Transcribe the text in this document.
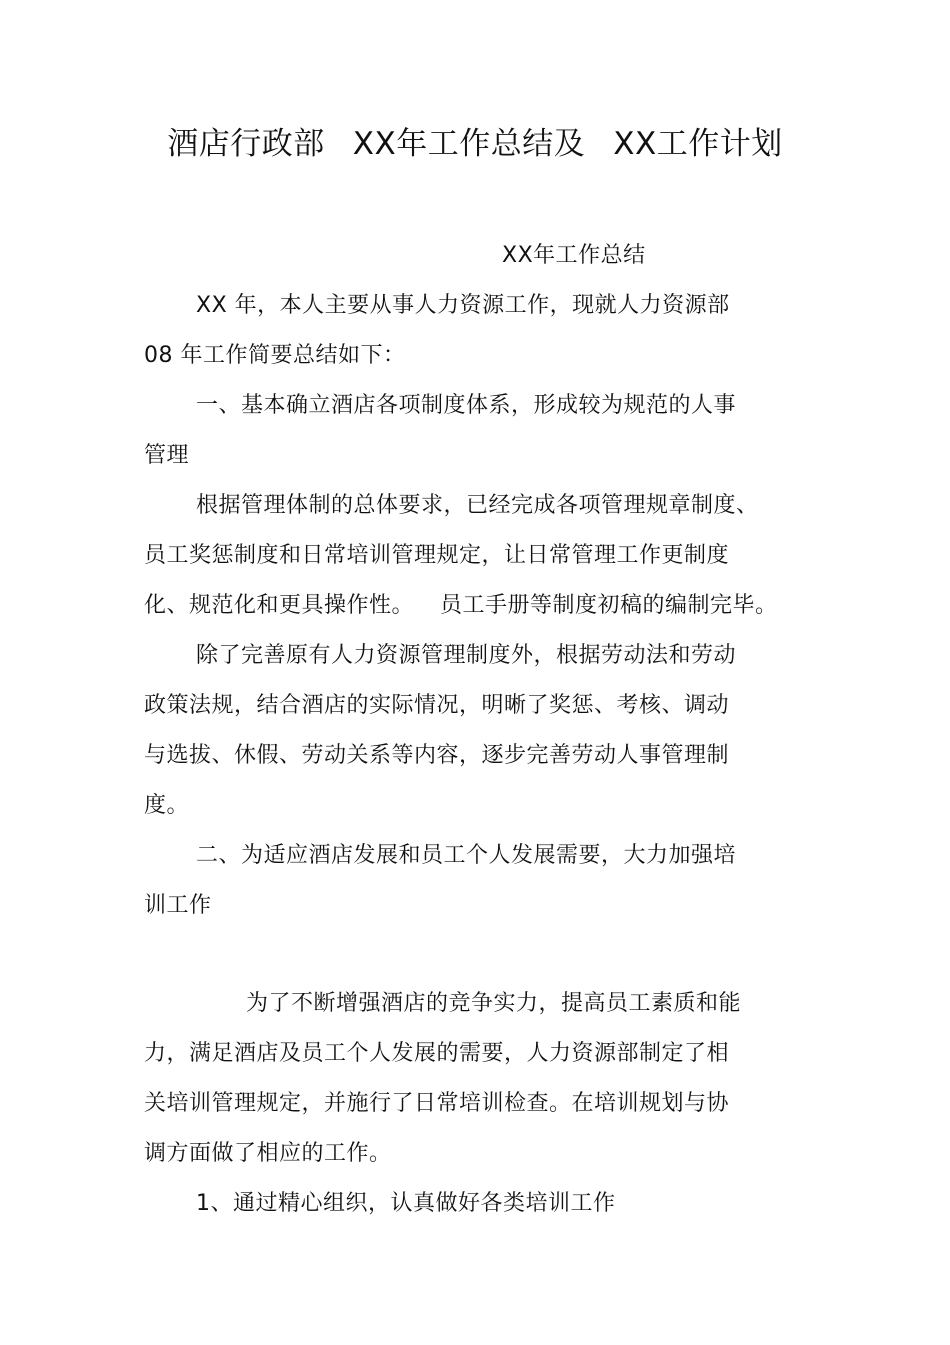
酒店行政部 XX年工作总结及 XX工作计划
XX年工作总结
XX 年，本人主要从事人力资源工作，现就人力资源部
08 年工作简要总结如下：
一、基本确立酒店各项制度体系，形成较为规范的人事
管理
根据管理体制的总体要求，已经完成各项管理规章制度、
员工奖惩制度和日常培训管理规定，让日常管理工作更制度
化、规范化和更具操作性。 员工手册等制度初稿的编制完毕。
除了完善原有人力资源管理制度外，根据劳动法和劳动
政策法规，结合酒店的实际情况，明晰了奖惩、考核、调动
与选拔、休假、劳动关系等内容，逐步完善劳动人事管理制
度。
二、为适应酒店发展和员工个人发展需要，大力加强培
训工作
为了不断增强酒店的竞争实力，提高员工素质和能
力，满足酒店及员工个人发展的需要，人力资源部制定了相
关培训管理规定，并施行了日常培训检查。在培训规划与协
调方面做了相应的工作。
1、通过精心组织，认真做好各类培训工作
